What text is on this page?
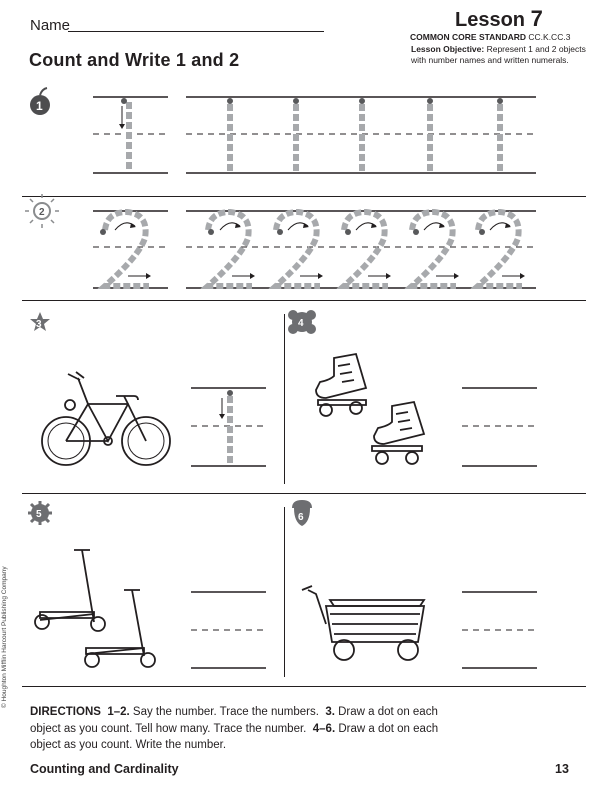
Name
Count and Write 1 and 2
Lesson 7
COMMON CORE STANDARD CC.K.CC.3
Lesson Objective: Represent 1 and 2 objects with number names and written numerals.
1
2
3	4
5	6
DIRECTIONS 1–2. Say the number. Trace the numbers. 3. Draw a dot on each object as you count. Tell how many. Trace the number. 4–6. Draw a dot on each object as you count. Write the number.
Counting and Cardinality	13
© Houghton Mifflin Harcourt Publishing Company
